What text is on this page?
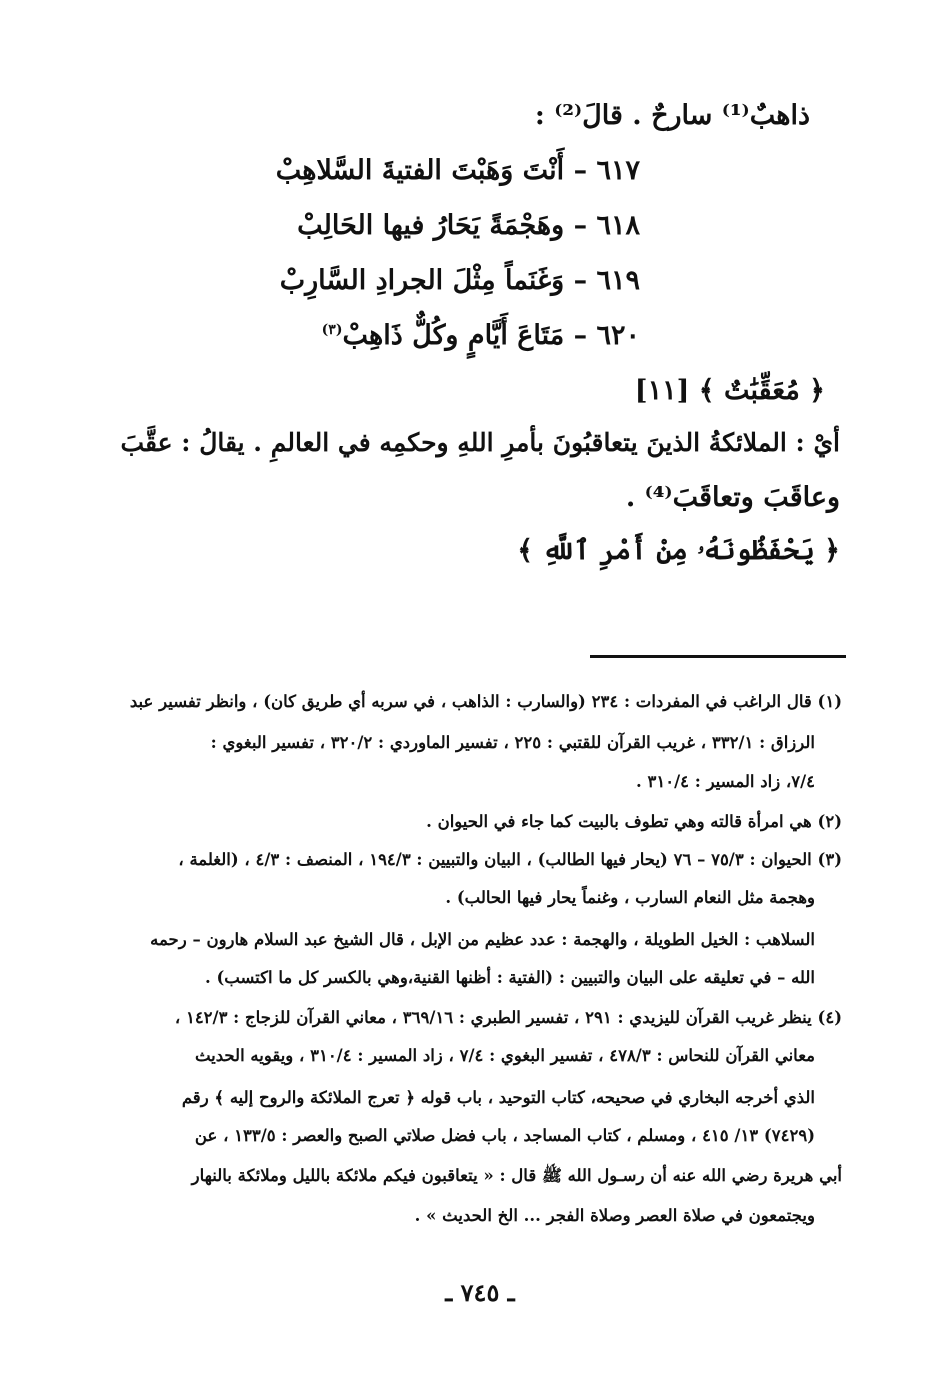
ذاهبٌ⁽¹⁾ سارحٌ . قالَ⁽²⁾ :
٦١٧ – أَنْتَ وَهَبْتَ الفتيةَ السَّلاهِبْ
٦١٨ – وهَجْمَةً يَحَارُ فيها الحَالِبْ
٦١٩ – وَغَنَماً مِثْلَ الجرادِ السَّارِبْ
٦٢٠ – مَتَاعَ أَيَّامٍ وكُلٌّ ذَاهِبْ$^{(٣)}$
﴿ مُعَقِّبَٰتٌ ﴾ [١١]
أيْ : الملائكةُ الذينَ يتعاقبُونَ بأمرِ اللهِ وحكمِه في العالمِ . يقالُ : عقَّبَ
وعاقَبَ وتعاقَبَ⁽⁴⁾ .
﴿ يَحْفَظُونَهُۥ مِنْ أَمْرِ ٱللَّهِ ﴾
(١) قال الراغب في المفردات : ٢٣٤ (والسارب : الذاهب ، في سربه أي طريق كان) ، وانظر تفسير عبد
الرزاق : ٣٣٢/١ ، غريب القرآن للقتبي : ٢٢٥ ، تفسير الماوردي : ٣٢٠/٢ ، تفسير البغوي :
٧/٤، زاد المسير : ٣١٠/٤ .
(٢) هي امرأة قالته وهي تطوف بالبيت كما جاء في الحيوان .
(٣) الحيوان : ٧٥/٣ – ٧٦ (يحار فيها الطالب) ، البيان والتبيين : ١٩٤/٣ ، المنصف : ٤/٣ ، (الغلمة ،
وهجمة مثل النعام السارب ، وغنماً يحار فيها الحالب) .
السلاهب : الخيل الطويلة ، والهجمة : عدد عظيم من الإبل ، قال الشيخ عبد السلام هارون – رحمه
الله – في تعليقه على البيان والتبيين : (الفتية : أظنها القنية،وهي بالكسر كل ما اكتسب) .
(٤) ينظر غريب القرآن لليزيدي : ٢٩١ ، تفسير الطبري : ٣٦٩/١٦ ، معاني القرآن للزجاج : ١٤٢/٣ ،
معاني القرآن للنحاس : ٤٧٨/٣ ، تفسير البغوي : ٧/٤ ، زاد المسير : ٣١٠/٤ ، ويقويه الحديث
الذي أخرجه البخاري في صحيحه، كتاب التوحيد ، باب قوله ﴿ تعرج الملائكة والروح إليه ﴾ رقم
(٧٤٢٩) ١٣/ ٤١٥ ، ومسلم ، كتاب المساجد ، باب فضل صلاتي الصبح والعصر : ١٣٣/٥ ، عن
أبي هريرة رضي الله عنه أن رسـول الله ﷺ قال : « يتعاقبون فيكم ملائكة بالليل وملائكة بالنهار
ويجتمعون في صلاة العصر وصلاة الفجر ... الخ الحديث » .
ـ ٧٤٥ ـ
